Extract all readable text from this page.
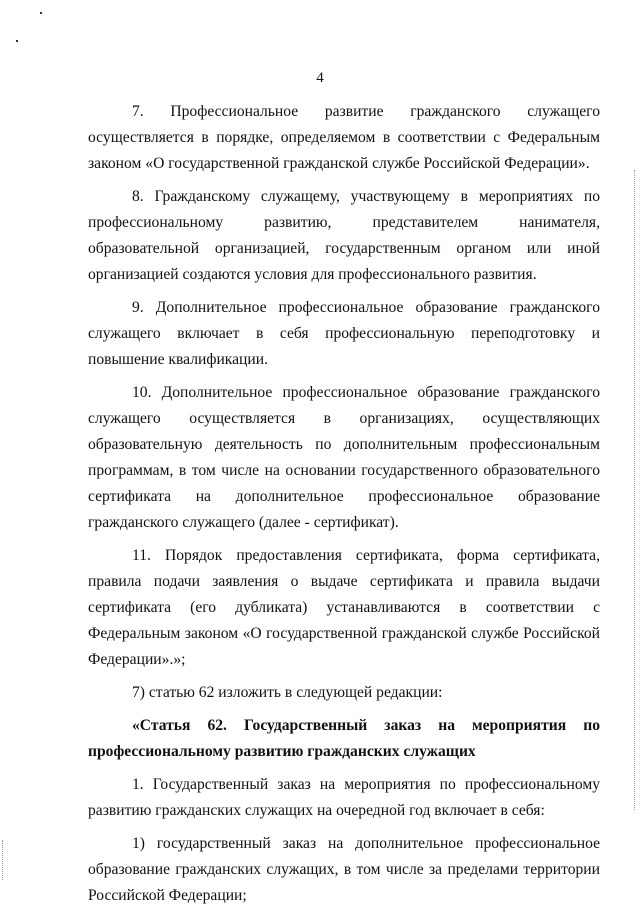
4

7. Профессиональное развитие гражданского служащего осуществляется в порядке, определяемом в соответствии с Федеральным законом «О государственной гражданской службе Российской Федерации».

8. Гражданскому служащему, участвующему в мероприятиях по профессиональному развитию, представителем нанимателя, образовательной организацией, государственным органом или иной организацией создаются условия для профессионального развития.

9. Дополнительное профессиональное образование гражданского служащего включает в себя профессиональную переподготовку и повышение квалификации.

10. Дополнительное профессиональное образование гражданского служащего осуществляется в организациях, осуществляющих образовательную деятельность по дополнительным профессиональным программам, в том числе на основании государственного образовательного сертификата на дополнительное профессиональное образование гражданского служащего (далее - сертификат).

11. Порядок предоставления сертификата, форма сертификата, правила подачи заявления о выдаче сертификата и правила выдачи сертификата (его дубликата) устанавливаются в соответствии с Федеральным законом «О государственной гражданской службе Российской Федерации».»;

7) статью 62 изложить в следующей редакции:

«Статья 62. Государственный заказ на мероприятия по профессиональному развитию гражданских служащих

1. Государственный заказ на мероприятия по профессиональному развитию гражданских служащих на очередной год включает в себя:

1) государственный заказ на дополнительное профессиональное образование гражданских служащих, в том числе за пределами территории Российской Федерации;
